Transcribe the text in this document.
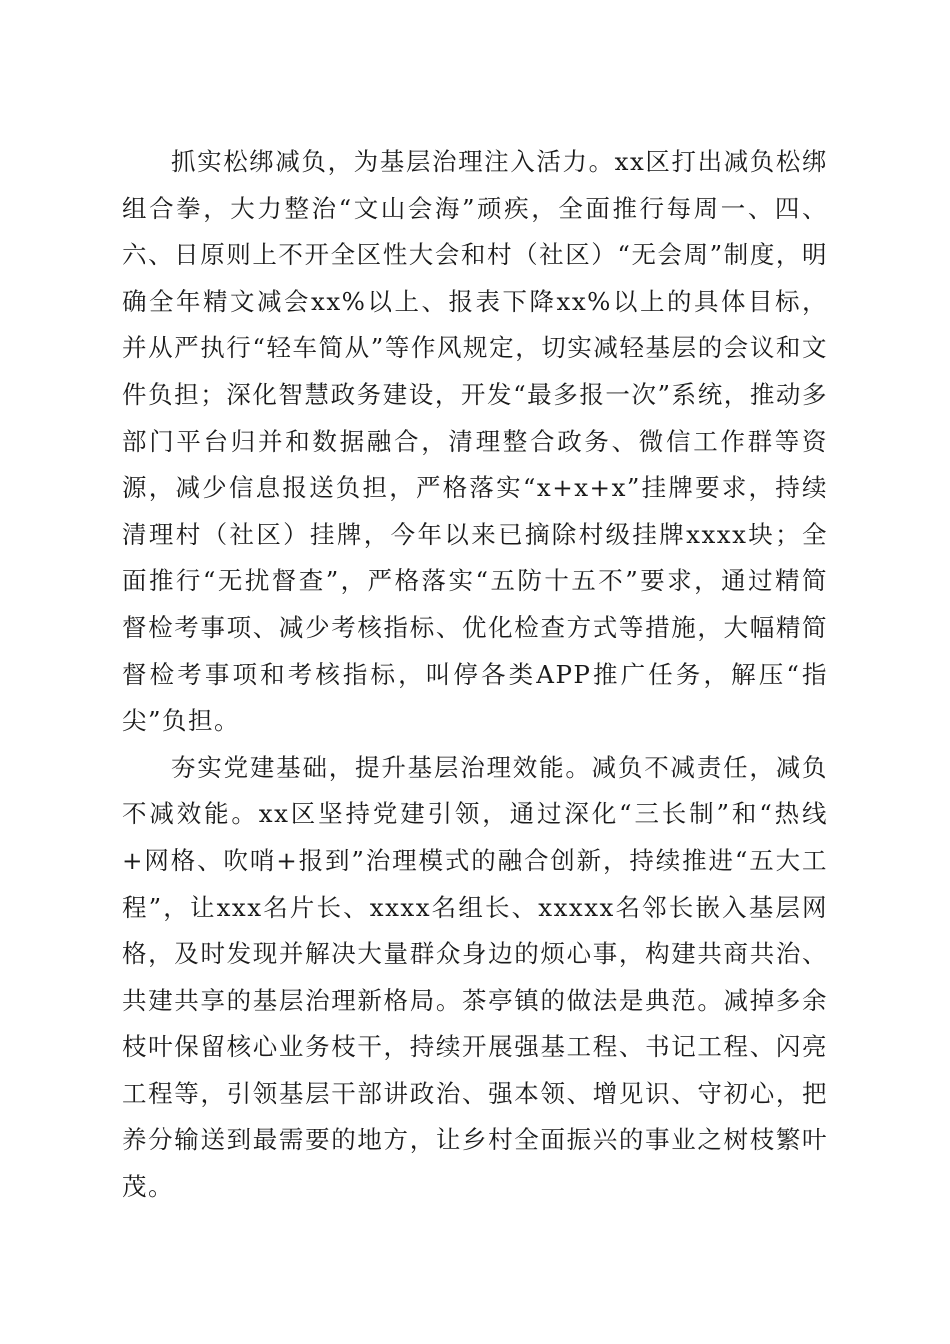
抓实松绑减负，为基层治理注入活力。xx区打出减负松绑组合拳，大力整治“文山会海”顽疾，全面推行每周一、四、六、日原则上不开全区性大会和村（社区）“无会周”制度，明确全年精文减会xx%以上、报表下降xx%以上的具体目标，并从严执行“轻车简从”等作风规定，切实减轻基层的会议和文件负担；深化智慧政务建设，开发“最多报一次”系统，推动多部门平台归并和数据融合，清理整合政务、微信工作群等资源，减少信息报送负担，严格落实“x+x+x”挂牌要求，持续清理村（社区）挂牌，今年以来已摘除村级挂牌xxxx块；全面推行“无扰督查”，严格落实“五防十五不”要求，通过精简督检考事项、减少考核指标、优化检查方式等措施，大幅精简督检考事项和考核指标，叫停各类APP推广任务，解压“指尖”负担。

夯实党建基础，提升基层治理效能。减负不减责任，减负不减效能。xx区坚持党建引领，通过深化“三长制”和“热线+网格、吹哨+报到”治理模式的融合创新，持续推进“五大工程”，让xxx名片长、xxxx名组长、xxxxx名邻长嵌入基层网格，及时发现并解决大量群众身边的烦心事，构建共商共治、共建共享的基层治理新格局。茶亭镇的做法是典范。减掉多余枝叶保留核心业务枝干，持续开展强基工程、书记工程、闪亮工程等，引领基层干部讲政治、强本领、增见识、守初心，把养分输送到最需要的地方，让乡村全面振兴的事业之树枝繁叶茂。
